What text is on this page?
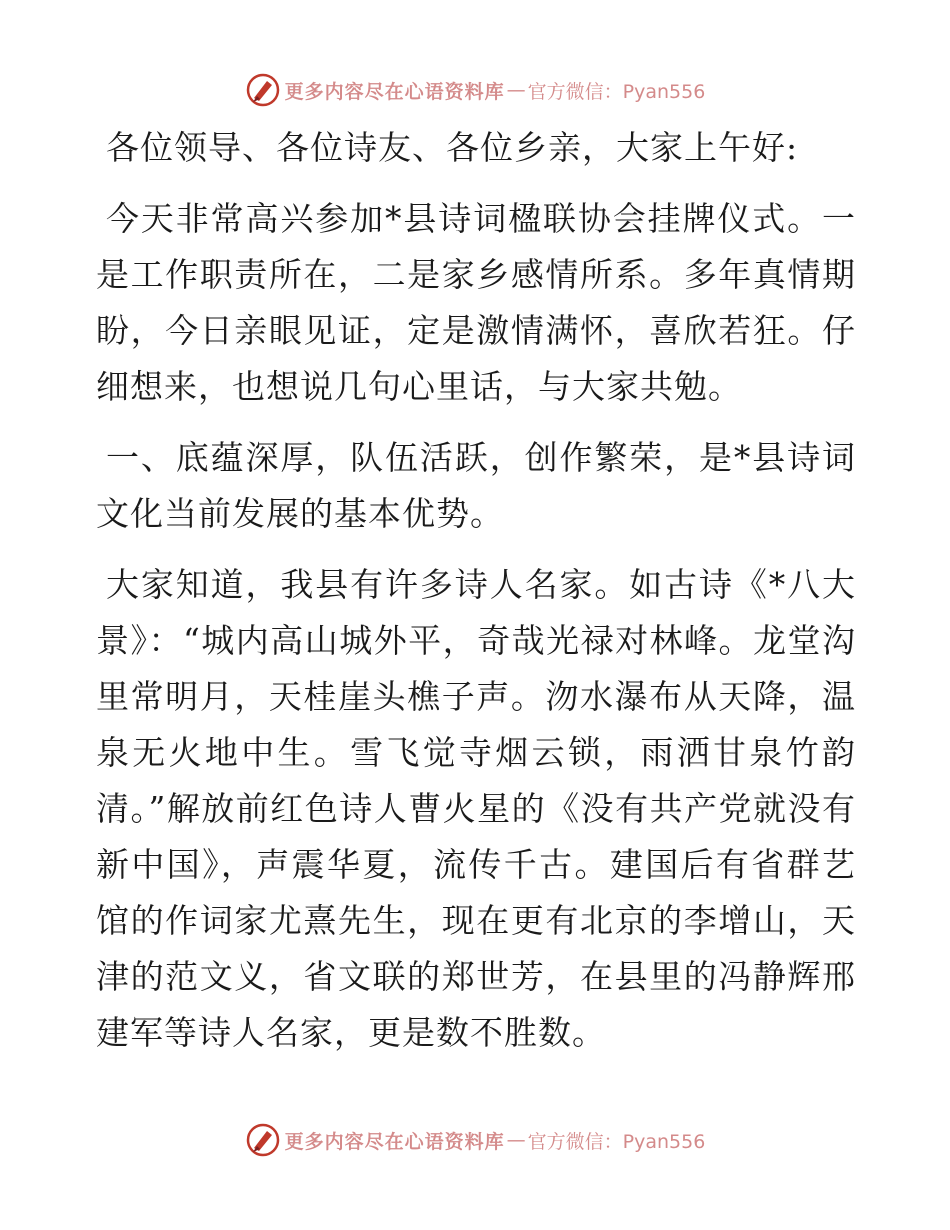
更多内容尽在心语资料库 — 官方微信：Pyan556

各位领导、各位诗友、各位乡亲，大家上午好:

今天非常高兴参加*县诗词楹联协会挂牌仪式。一是工作职责所在，二是家乡感情所系。多年真情期盼，今日亲眼见证，定是激情满怀，喜欣若狂。仔细想来，也想说几句心里话，与大家共勉。

一、底蕴深厚，队伍活跃，创作繁荣，是*县诗词文化当前发展的基本优势。

大家知道，我县有许多诗人名家。如古诗《*八大景》：“城内高山城外平，奇哉光禄对林峰。龙堂沟里常明月，天桂崖头樵子声。沕水瀑布从天降，温泉无火地中生。雪飞觉寺烟云锁，雨洒甘泉竹韵清。”解放前红色诗人曹火星的《没有共产党就没有新中国》，声震华夏，流传千古。建国后有省群艺馆的作词家尤熹先生，现在更有北京的李增山，天津的范文义，省文联的郑世芳，在县里的冯静辉邢建军等诗人名家，更是数不胜数。

更多内容尽在心语资料库 — 官方微信：Pyan556
